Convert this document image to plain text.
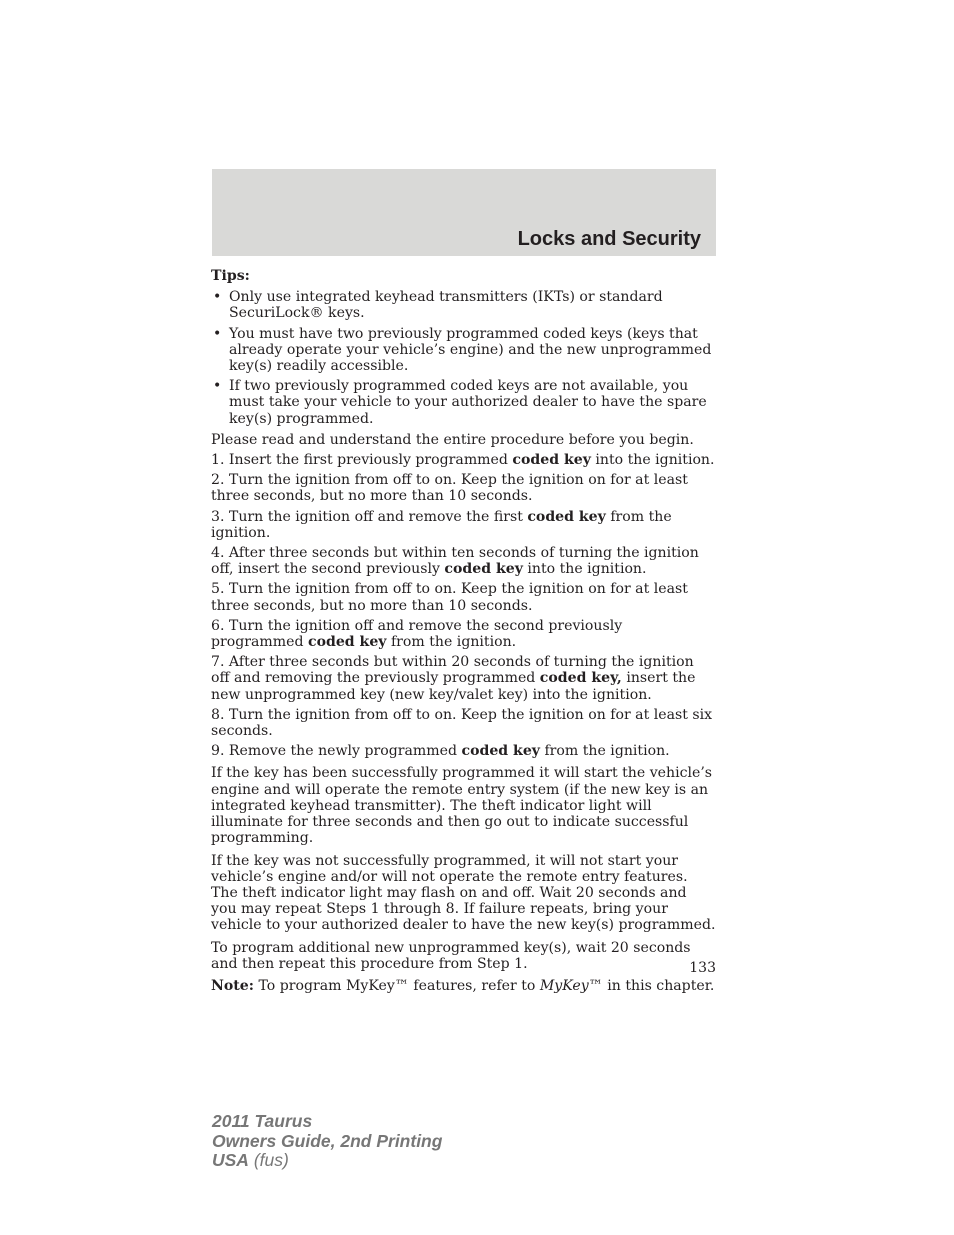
Locks and Security

Tips:

• Only use integrated keyhead transmitters (IKTs) or standard SecuriLock® keys.
• You must have two previously programmed coded keys (keys that already operate your vehicle’s engine) and the new unprogrammed key(s) readily accessible.
• If two previously programmed coded keys are not available, you must take your vehicle to your authorized dealer to have the spare key(s) programmed.

Please read and understand the entire procedure before you begin.

1. Insert the first previously programmed coded key into the ignition.

2. Turn the ignition from off to on. Keep the ignition on for at least three seconds, but no more than 10 seconds.

3. Turn the ignition off and remove the first coded key from the ignition.

4. After three seconds but within ten seconds of turning the ignition off, insert the second previously coded key into the ignition.

5. Turn the ignition from off to on. Keep the ignition on for at least three seconds, but no more than 10 seconds.

6. Turn the ignition off and remove the second previously programmed coded key from the ignition.

7. After three seconds but within 20 seconds of turning the ignition off and removing the previously programmed coded key, insert the new unprogrammed key (new key/valet key) into the ignition.

8. Turn the ignition from off to on. Keep the ignition on for at least six seconds.

9. Remove the newly programmed coded key from the ignition.

If the key has been successfully programmed it will start the vehicle’s engine and will operate the remote entry system (if the new key is an integrated keyhead transmitter). The theft indicator light will illuminate for three seconds and then go out to indicate successful programming.

If the key was not successfully programmed, it will not start your vehicle’s engine and/or will not operate the remote entry features. The theft indicator light may flash on and off. Wait 20 seconds and you may repeat Steps 1 through 8. If failure repeats, bring your vehicle to your authorized dealer to have the new key(s) programmed.

To program additional new unprogrammed key(s), wait 20 seconds and then repeat this procedure from Step 1.

Note: To program MyKey™ features, refer to MyKey™ in this chapter.

133
2011 Taurus
Owners Guide, 2nd Printing
USA (fus)
